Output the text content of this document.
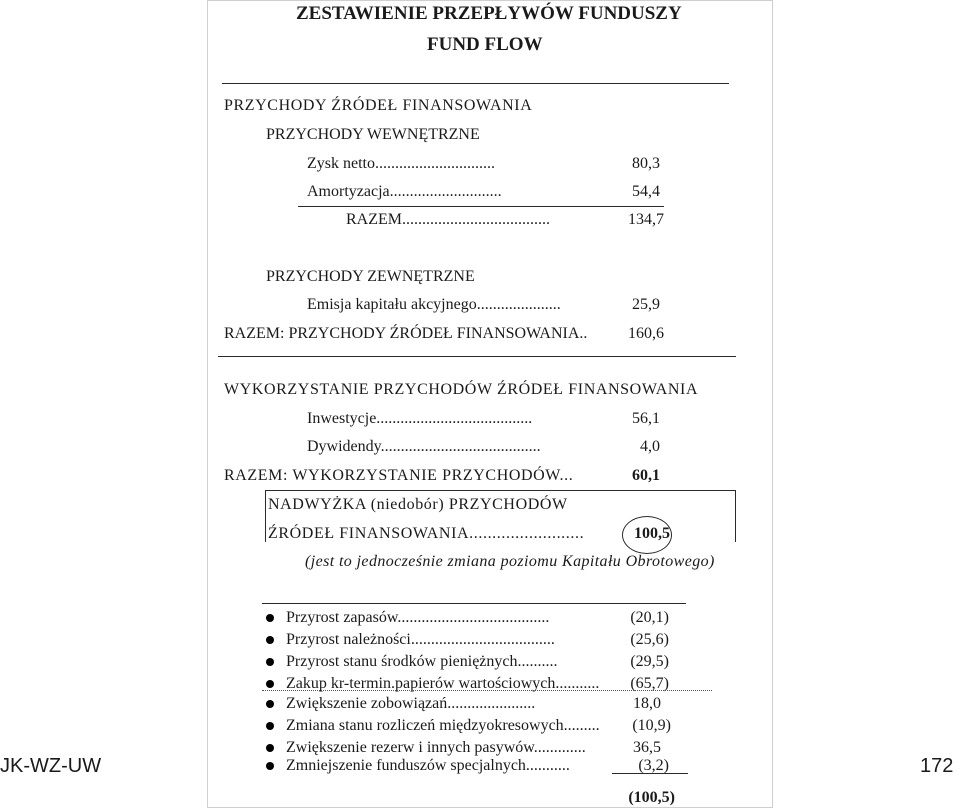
ZESTAWIENIE PRZEPŁYWÓW FUNDUSZY
FUND FLOW
PRZYCHODY ŹRÓDEŁ FINANSOWANIA
PRZYCHODY WEWNĘTRZNE
Zysk netto..............................	80,3
Amortyzacja............................	54,4
RAZEM.....................................	134,7
PRZYCHODY ZEWNĘTRZNE
Emisja kapitału akcyjnego.....................	25,9
RAZEM: PRZYCHODY ŹRÓDEŁ FINANSOWANIA..	160,6
WYKORZYSTANIE PRZYCHODÓW ŹRÓDEŁ FINANSOWANIA
Inwestycje.......................................	56,1
Dywidendy........................................	4,0
RAZEM: WYKORZYSTANIE PRZYCHODÓW...	60,1
NADWYŻKA (niedobór) PRZYCHODÓW
ŹRÓDEŁ FINANSOWANIA.........................	100,5
(jest to jednocześnie zmiana poziomu Kapitału Obrotowego)
Przyrost zapasów......................................	(20,1)
Przyrost należności....................................	(25,6)
Przyrost stanu środków pieniężnych..........	(29,5)
Zakup kr-termin.papierów wartościowych...........	(65,7)
Zwiększenie zobowiązań......................	18,0
Zmiana stanu rozliczeń międzyokresowych.........	(10,9)
Zwiększenie rezerw i innych pasywów.............	36,5
Zmniejszenie funduszów specjalnych...........	(3,2)
(100,5)
JK-WZ-UW	172
